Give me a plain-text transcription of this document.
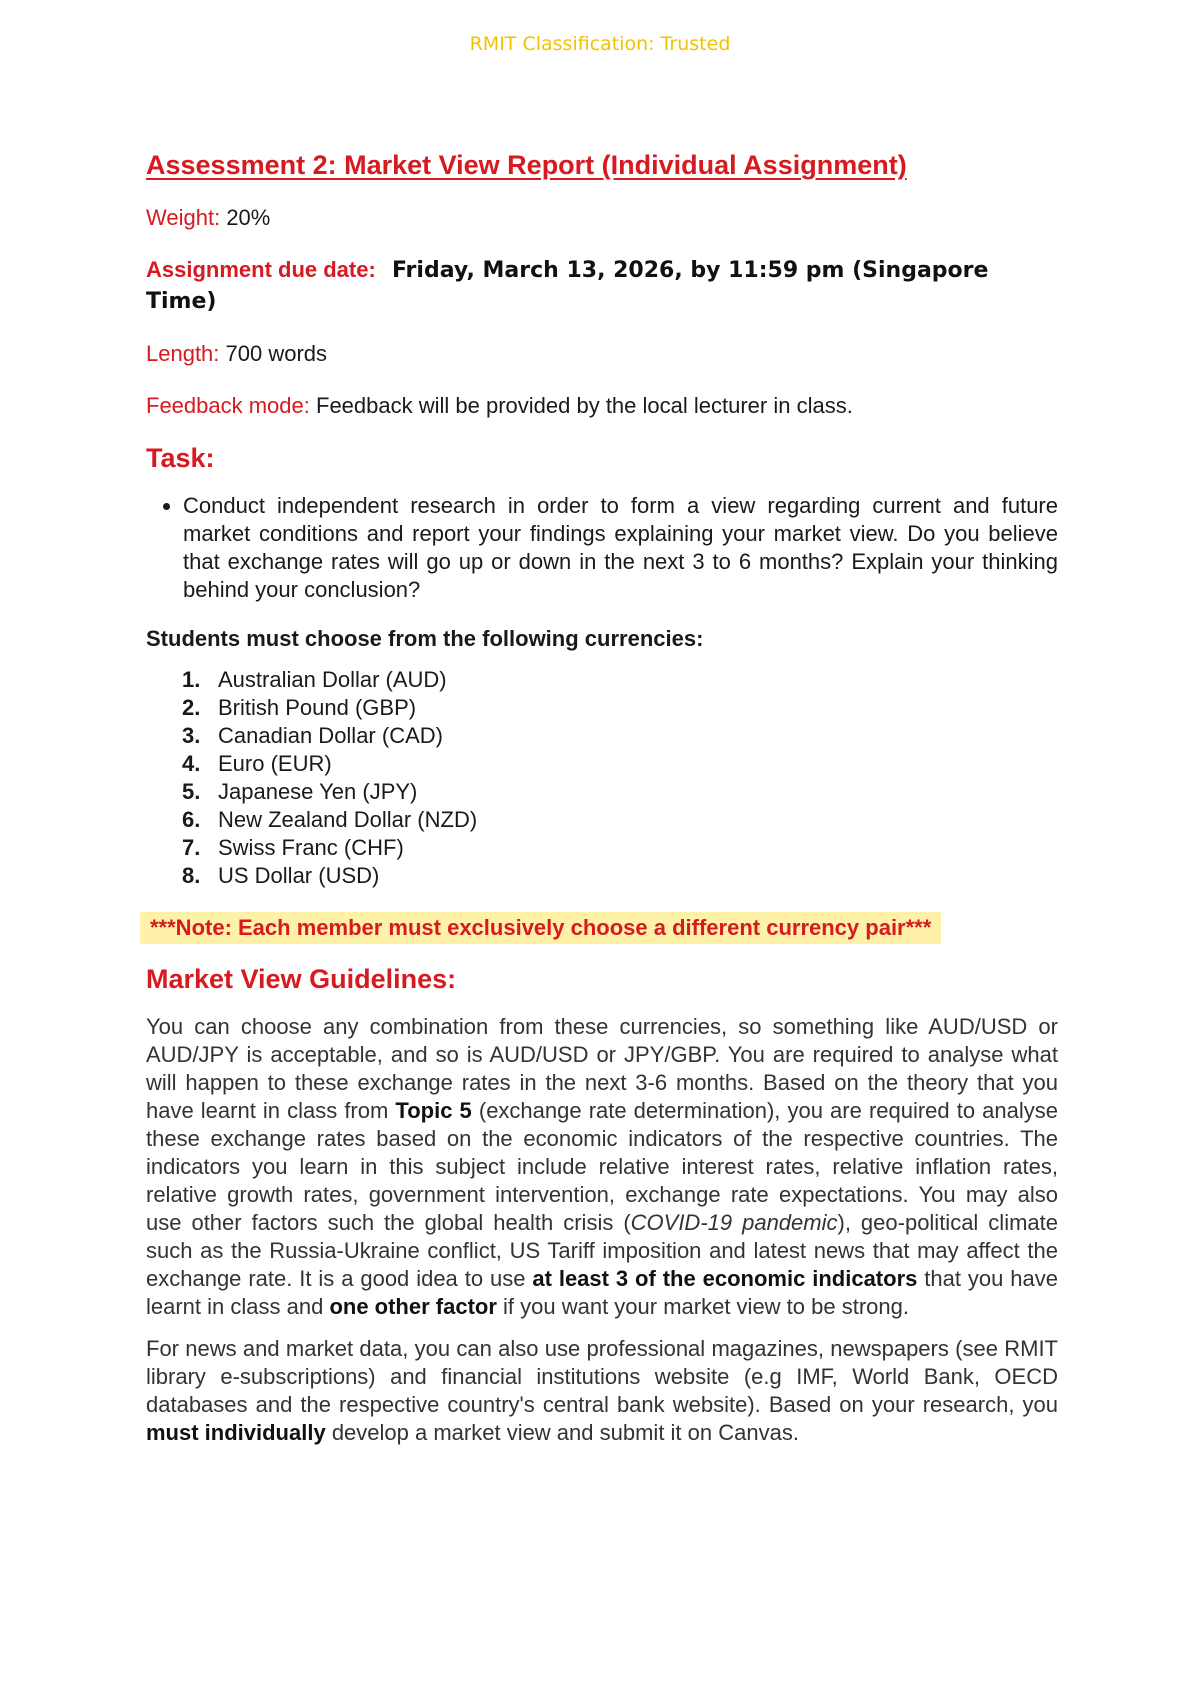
RMIT Classification: Trusted
Assessment 2: Market View Report (Individual Assignment)

Weight: 20%

Assignment due date: Friday, March 13, 2026, by 11:59 pm (Singapore Time)

Length: 700 words

Feedback mode: Feedback will be provided by the local lecturer in class.

Task:
• Conduct independent research in order to form a view regarding current and future market conditions and report your findings explaining your market view. Do you believe that exchange rates will go up or down in the next 3 to 6 months? Explain your thinking behind your conclusion?

Students must choose from the following currencies:

1. Australian Dollar (AUD)
2. British Pound (GBP)
3. Canadian Dollar (CAD)
4. Euro (EUR)
5. Japanese Yen (JPY)
6. New Zealand Dollar (NZD)
7. Swiss Franc (CHF)
8. US Dollar (USD)
***Note: Each member must exclusively choose a different currency pair***
Market View Guidelines:

You can choose any combination from these currencies, so something like AUD/USD or AUD/JPY is acceptable, and so is AUD/USD or JPY/GBP. You are required to analyse what will happen to these exchange rates in the next 3-6 months. Based on the theory that you have learnt in class from Topic 5 (exchange rate determination), you are required to analyse these exchange rates based on the economic indicators of the respective countries. The indicators you learn in this subject include relative interest rates, relative inflation rates, relative growth rates, government intervention, exchange rate expectations. You may also use other factors such the global health crisis (COVID-19 pandemic), geo-political climate such as the Russia-Ukraine conflict, US Tariff imposition and latest news that may affect the exchange rate. It is a good idea to use at least 3 of the economic indicators that you have learnt in class and one other factor if you want your market view to be strong.

For news and market data, you can also use professional magazines, newspapers (see RMIT library e-subscriptions) and financial institutions website (e.g IMF, World Bank, OECD databases and the respective country's central bank website). Based on your research, you must individually develop a market view and submit it on Canvas.
